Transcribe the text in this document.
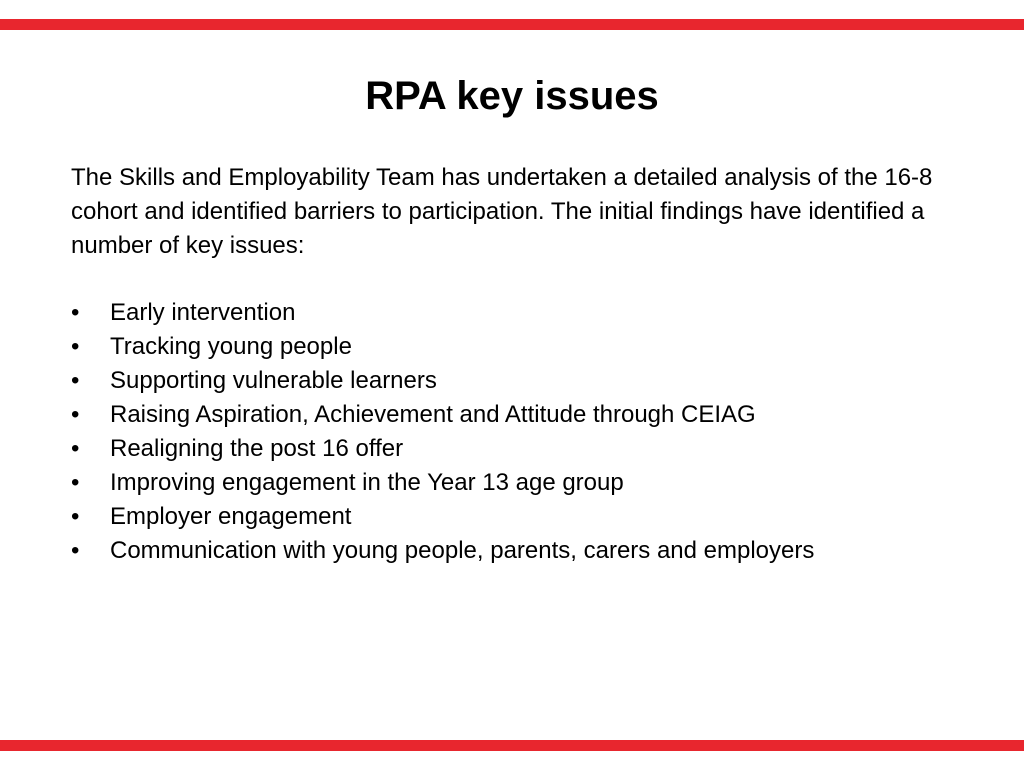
RPA key issues

The Skills and Employability Team has undertaken a detailed analysis of the 16-8 cohort and identified barriers to participation. The initial findings have identified a number of key issues:

• Early intervention
• Tracking young people
• Supporting vulnerable learners
• Raising Aspiration, Achievement and Attitude through CEIAG
• Realigning the post 16 offer
• Improving engagement in the Year 13 age group
• Employer engagement
• Communication with young people, parents, carers and employers
